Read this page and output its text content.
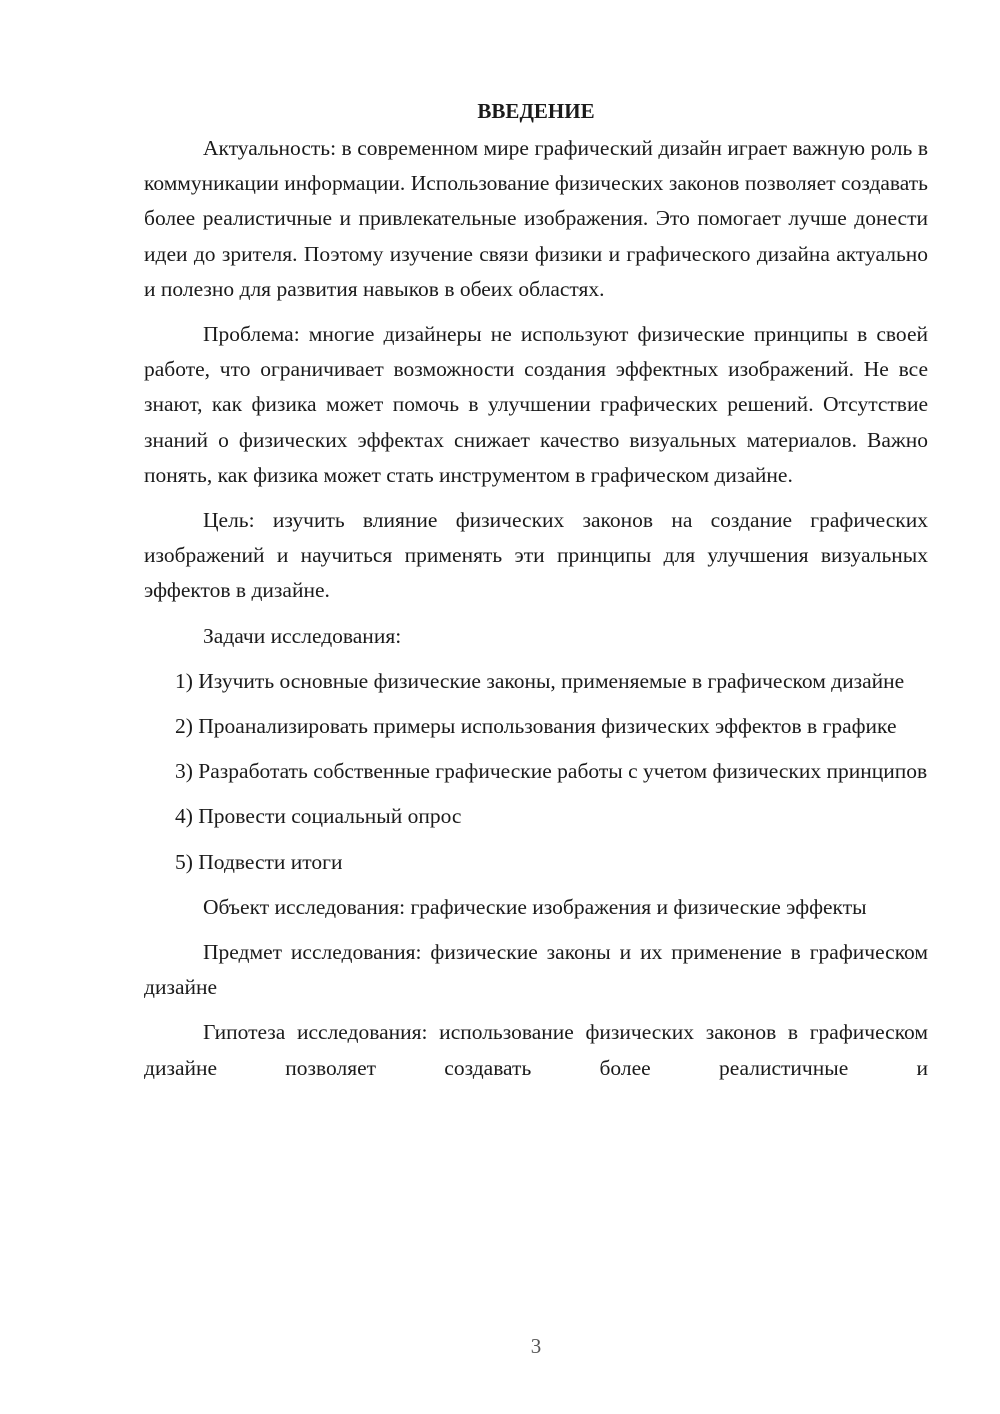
ВВЕДЕНИЕ

Актуальность: в современном мире графический дизайн играет важную роль в коммуникации информации. Использование физических законов позволяет создавать более реалистичные и привлекательные изображения. Это помогает лучше донести идеи до зрителя. Поэтому изучение связи физики и графического дизайна актуально и полезно для развития навыков в обеих областях.

Проблема: многие дизайнеры не используют физические принципы в своей работе, что ограничивает возможности создания эффектных изображений. Не все знают, как физика может помочь в улучшении графических решений. Отсутствие знаний о физических эффектах снижает качество визуальных материалов. Важно понять, как физика может стать инструментом в графическом дизайне.

Цель: изучить влияние физических законов на создание графических изображений и научиться применять эти принципы для улучшения визуальных эффектов в дизайне.

Задачи исследования:

1) Изучить основные физические законы, применяемые в графическом дизайне

2) Проанализировать примеры использования физических эффектов в графике

3) Разработать собственные графические работы с учетом физических принципов

4) Провести социальный опрос

5) Подвести итоги

Объект исследования: графические изображения и физические эффекты

Предмет исследования: физические законы и их применение в графическом дизайне

Гипотеза исследования: использование физических законов в графическом дизайне позволяет создавать более реалистичные и

3
